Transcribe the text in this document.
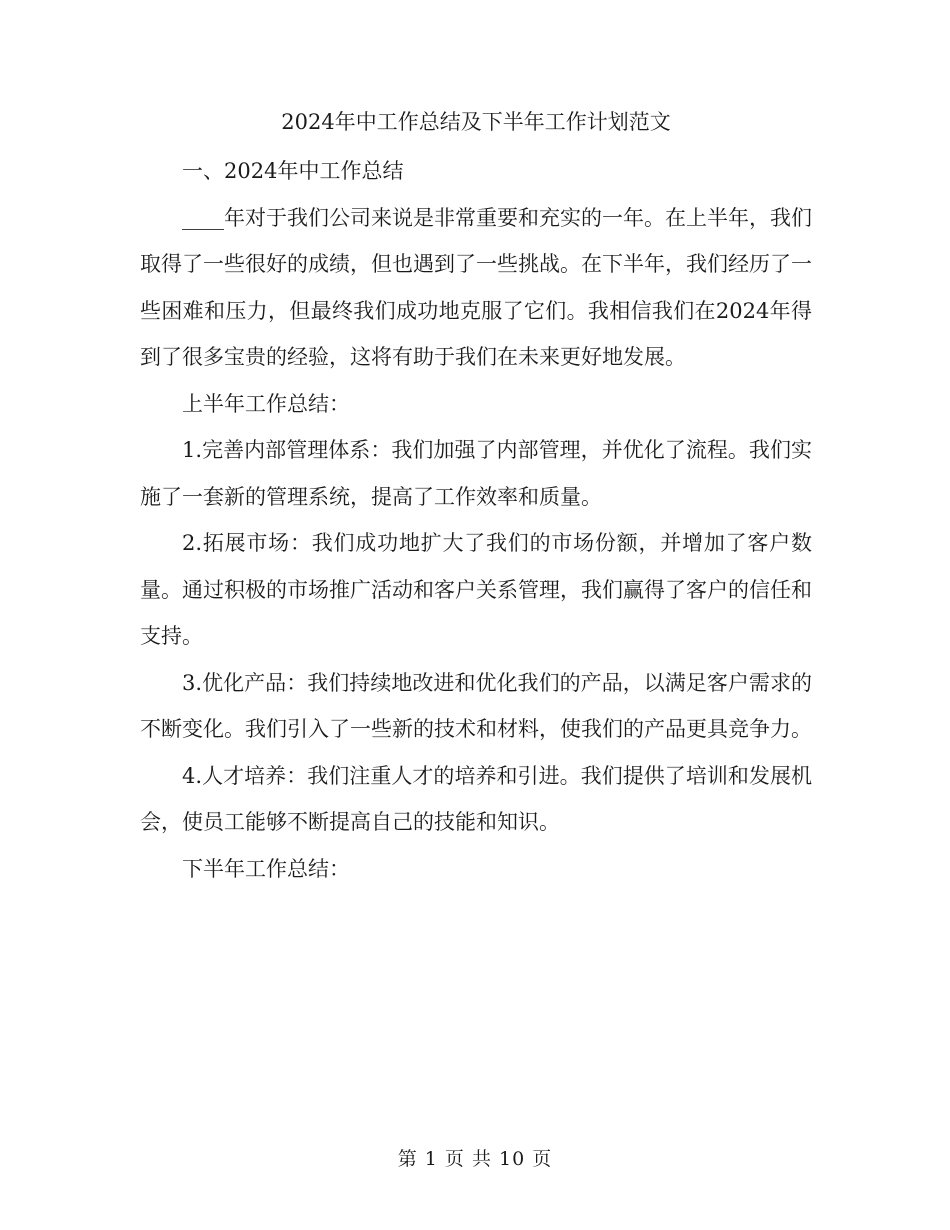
2024年中工作总结及下半年工作计划范文

一、2024年中工作总结

____年对于我们公司来说是非常重要和充实的一年。在上半年，我们取得了一些很好的成绩，但也遇到了一些挑战。在下半年，我们经历了一些困难和压力，但最终我们成功地克服了它们。我相信我们在2024年得到了很多宝贵的经验，这将有助于我们在未来更好地发展。

上半年工作总结：

1.完善内部管理体系：我们加强了内部管理，并优化了流程。我们实施了一套新的管理系统，提高了工作效率和质量。

2.拓展市场：我们成功地扩大了我们的市场份额，并增加了客户数量。通过积极的市场推广活动和客户关系管理，我们赢得了客户的信任和支持。

3.优化产品：我们持续地改进和优化我们的产品，以满足客户需求的不断变化。我们引入了一些新的技术和材料，使我们的产品更具竞争力。

4.人才培养：我们注重人才的培养和引进。我们提供了培训和发展机会，使员工能够不断提高自己的技能和知识。

下半年工作总结：

第 1 页 共 10 页
